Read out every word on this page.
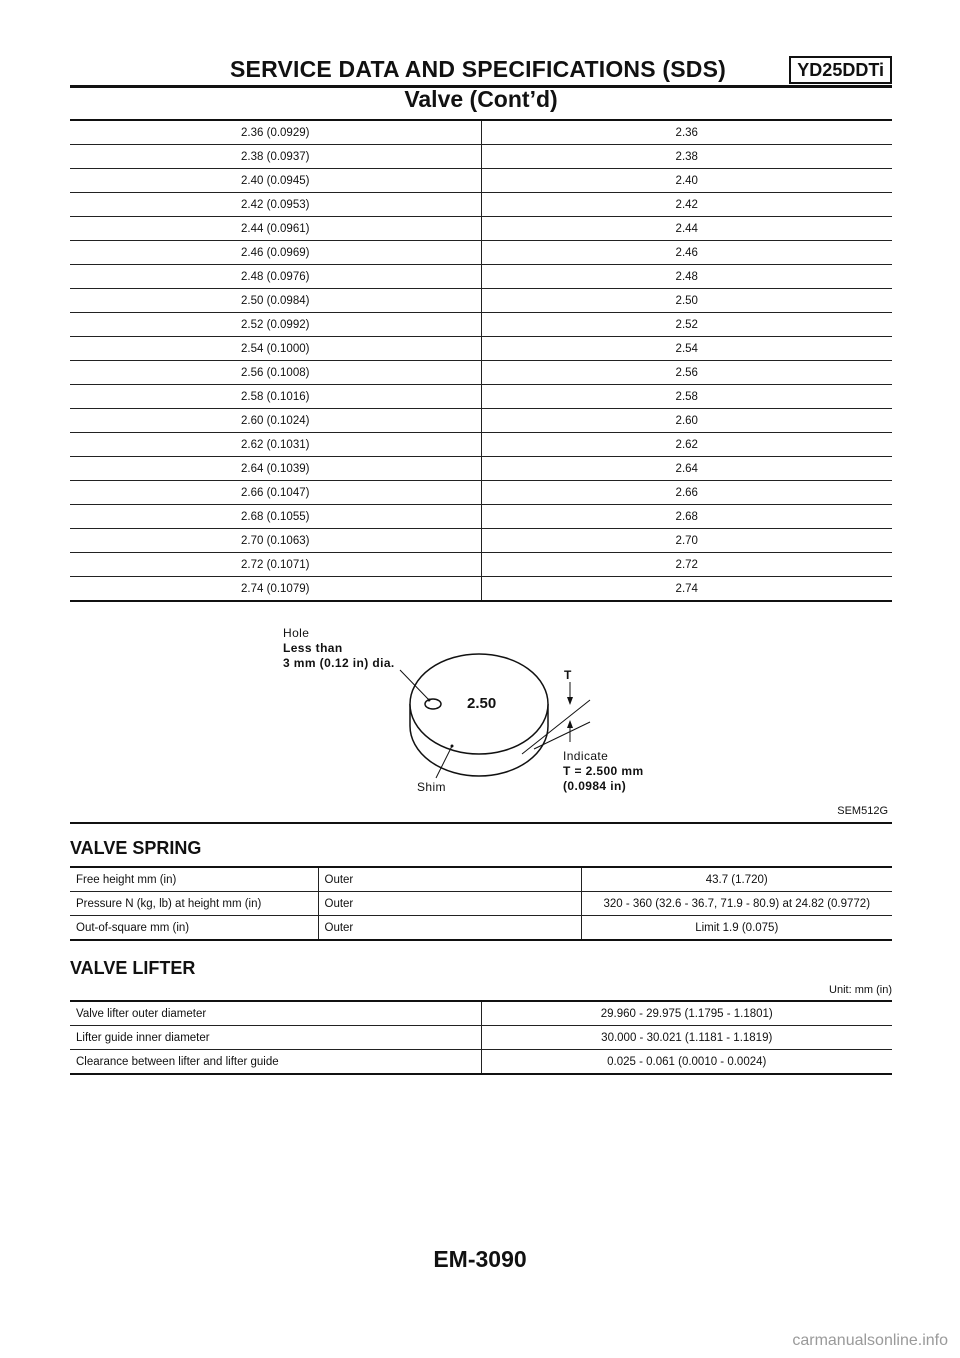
SERVICE DATA AND SPECIFICATIONS (SDS)	YD25DDTi
Valve (Cont’d)
2.36 (0.0929)	2.36
2.38 (0.0937)	2.38
2.40 (0.0945)	2.40
2.42 (0.0953)	2.42
2.44 (0.0961)	2.44
2.46 (0.0969)	2.46
2.48 (0.0976)	2.48
2.50 (0.0984)	2.50
2.52 (0.0992)	2.52
2.54 (0.1000)	2.54
2.56 (0.1008)	2.56
2.58 (0.1016)	2.58
2.60 (0.1024)	2.60
2.62 (0.1031)	2.62
2.64 (0.1039)	2.64
2.66 (0.1047)	2.66
2.68 (0.1055)	2.68
2.70 (0.1063)	2.70
2.72 (0.1071)	2.72
2.74 (0.1079)	2.74
Hole
Less than
3 mm (0.12 in) dia.
2.50
T
Indicate
T = 2.500 mm
(0.0984 in)
Shim
SEM512G
VALVE SPRING
Free height mm (in)	Outer	43.7 (1.720)
Pressure N (kg, lb) at height mm (in)	Outer	320 - 360 (32.6 - 36.7, 71.9 - 80.9) at 24.82 (0.9772)
Out-of-square mm (in)	Outer	Limit 1.9 (0.075)
VALVE LIFTER
Unit: mm (in)
Valve lifter outer diameter	29.960 - 29.975 (1.1795 - 1.1801)
Lifter guide inner diameter	30.000 - 30.021 (1.1181 - 1.1819)
Clearance between lifter and lifter guide	0.025 - 0.061 (0.0010 - 0.0024)
EM-3090
carmanualsonline.info
